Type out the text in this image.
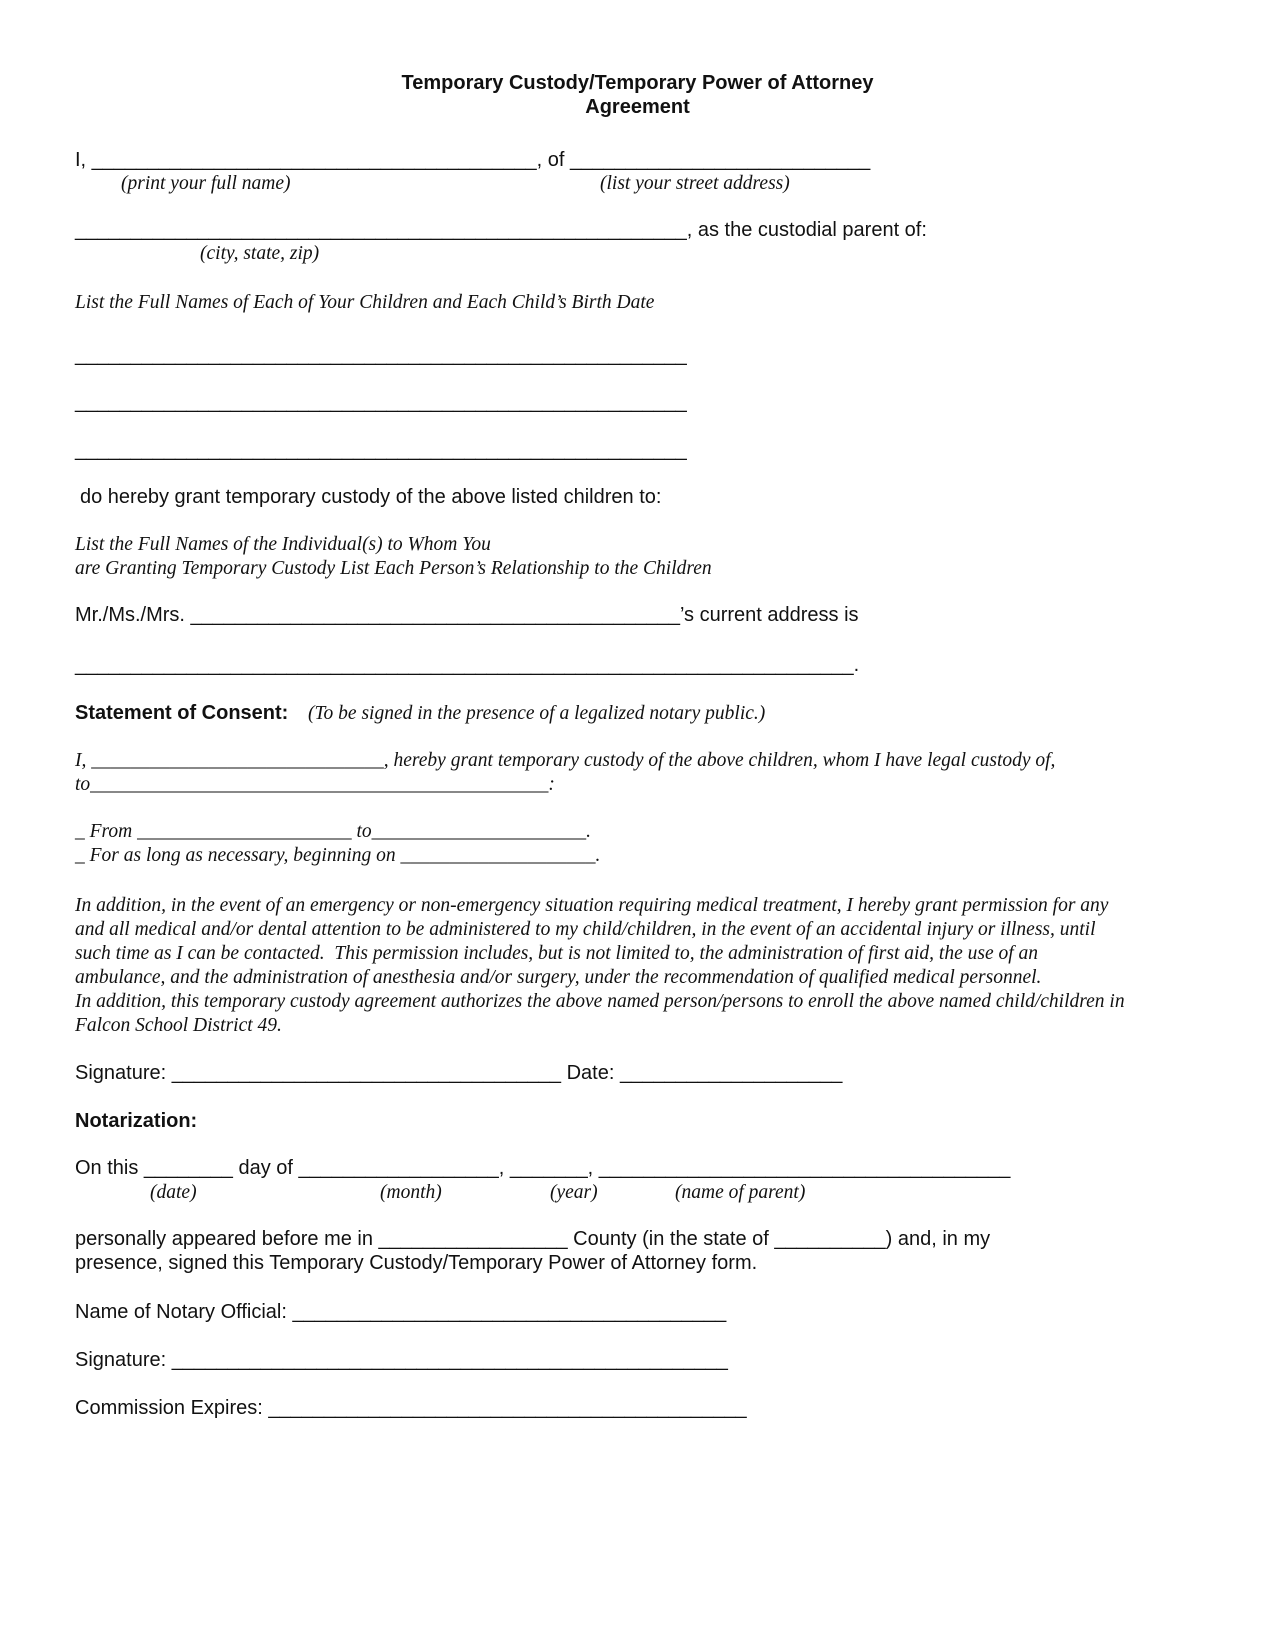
Temporary Custody/Temporary Power of Attorney
Agreement
I, ________________________________________, of ___________________________
(print your full name)	(list your street address)
_______________________________________________________, as the custodial parent of:
(city, state, zip)
List the Full Names of Each of Your Children and Each Child’s Birth Date
_______________________________________________________
_______________________________________________________
_______________________________________________________
do hereby grant temporary custody of the above listed children to:
List the Full Names of the Individual(s) to Whom You
are Granting Temporary Custody List Each Person’s Relationship to the Children
Mr./Ms./Mrs. ____________________________________________’s current address is
______________________________________________________________________.
Statement of Consent: (To be signed in the presence of a legalized notary public.)
I, ______________________________, hereby grant temporary custody of the above children, whom I have legal custody of,
to_______________________________________________:
_ From ______________________ to______________________.
_ For as long as necessary, beginning on ____________________.
In addition, in the event of an emergency or non-emergency situation requiring medical treatment, I hereby grant permission for any
and all medical and/or dental attention to be administered to my child/children, in the event of an accidental injury or illness, until
such time as I can be contacted.  This permission includes, but is not limited to, the administration of first aid, the use of an
ambulance, and the administration of anesthesia and/or surgery, under the recommendation of qualified medical personnel.
In addition, this temporary custody agreement authorizes the above named person/persons to enroll the above named child/children in
Falcon School District 49.
Signature: ___________________________________ Date: ____________________
Notarization:
On this ________ day of __________________, _______, _____________________________________
(date)	(month)	(year)	(name of parent)
personally appeared before me in _________________ County (in the state of __________) and, in my
presence, signed this Temporary Custody/Temporary Power of Attorney form.
Name of Notary Official: _______________________________________
Signature: __________________________________________________
Commission Expires: ___________________________________________
